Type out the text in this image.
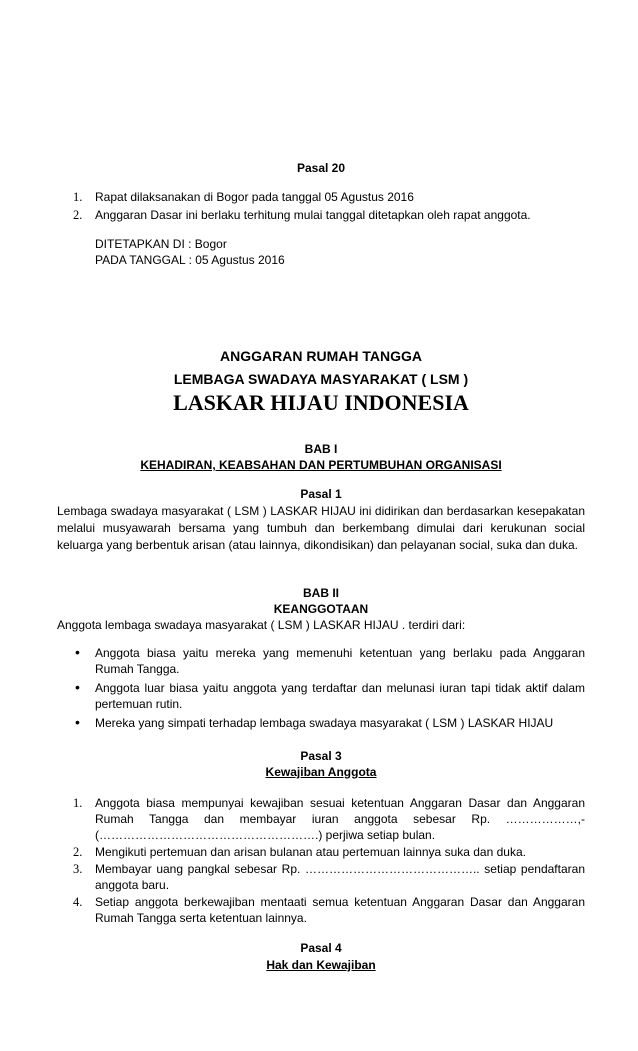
Pasal 20
1. Rapat dilaksanakan di Bogor pada tanggal 05 Agustus 2016
2. Anggaran Dasar ini berlaku terhitung mulai tanggal ditetapkan oleh rapat anggota.
DITETAPKAN DI : Bogor
PADA TANGGAL : 05 Agustus 2016
ANGGARAN RUMAH TANGGA
LEMBAGA SWADAYA MASYARAKAT ( LSM )
LASKAR HIJAU INDONESIA
BAB I
KEHADIRAN, KEABSAHAN DAN PERTUMBUHAN ORGANISASI
Pasal 1
Lembaga swadaya masyarakat ( LSM ) LASKAR HIJAU ini didirikan dan berdasarkan kesepakatan melalui musyawarah bersama yang tumbuh dan berkembang dimulai dari kerukunan social keluarga yang berbentuk arisan (atau lainnya, dikondisikan) dan pelayanan social, suka dan duka.
BAB II
KEANGGOTAAN
Anggota lembaga swadaya masyarakat ( LSM ) LASKAR HIJAU . terdiri dari:
• Anggota biasa yaitu mereka yang memenuhi ketentuan yang berlaku pada Anggaran Rumah Tangga.
• Anggota luar biasa yaitu anggota yang terdaftar dan melunasi iuran tapi tidak aktif dalam pertemuan rutin.
• Mereka yang simpati terhadap lembaga swadaya masyarakat ( LSM ) LASKAR HIJAU
Pasal 3
Kewajiban Anggota
1. Anggota biasa mempunyai kewajiban sesuai ketentuan Anggaran Dasar dan Anggaran Rumah Tangga dan membayar iuran anggota sebesar Rp. ………………,- (……………………………………………….) perjiwa setiap bulan.
2. Mengikuti pertemuan dan arisan bulanan atau pertemuan lainnya suka dan duka.
3. Membayar uang pangkal sebesar Rp. …………………………………….. setiap pendaftaran anggota baru.
4. Setiap anggota berkewajiban mentaati semua ketentuan Anggaran Dasar dan Anggaran Rumah Tangga serta ketentuan lainnya.
Pasal 4
Hak dan Kewajiban
